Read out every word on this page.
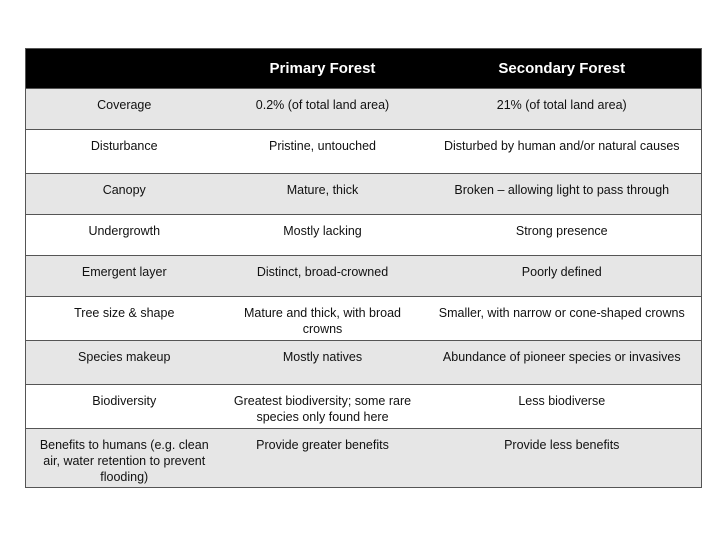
	Primary Forest	Secondary Forest
Coverage	0.2% (of total land area)	21% (of total land area)
Disturbance	Pristine, untouched	Disturbed by human and/or natural causes
Canopy	Mature, thick	Broken – allowing light to pass through
Undergrowth	Mostly lacking	Strong presence
Emergent layer	Distinct, broad-crowned	Poorly defined
Tree size & shape	Mature and thick, with broad crowns	Smaller, with narrow or cone-shaped crowns
Species makeup	Mostly natives	Abundance of pioneer species or invasives
Biodiversity	Greatest biodiversity; some rare species only found here	Less biodiverse
Benefits to humans (e.g. clean air, water retention to prevent flooding)	Provide greater benefits	Provide less benefits
